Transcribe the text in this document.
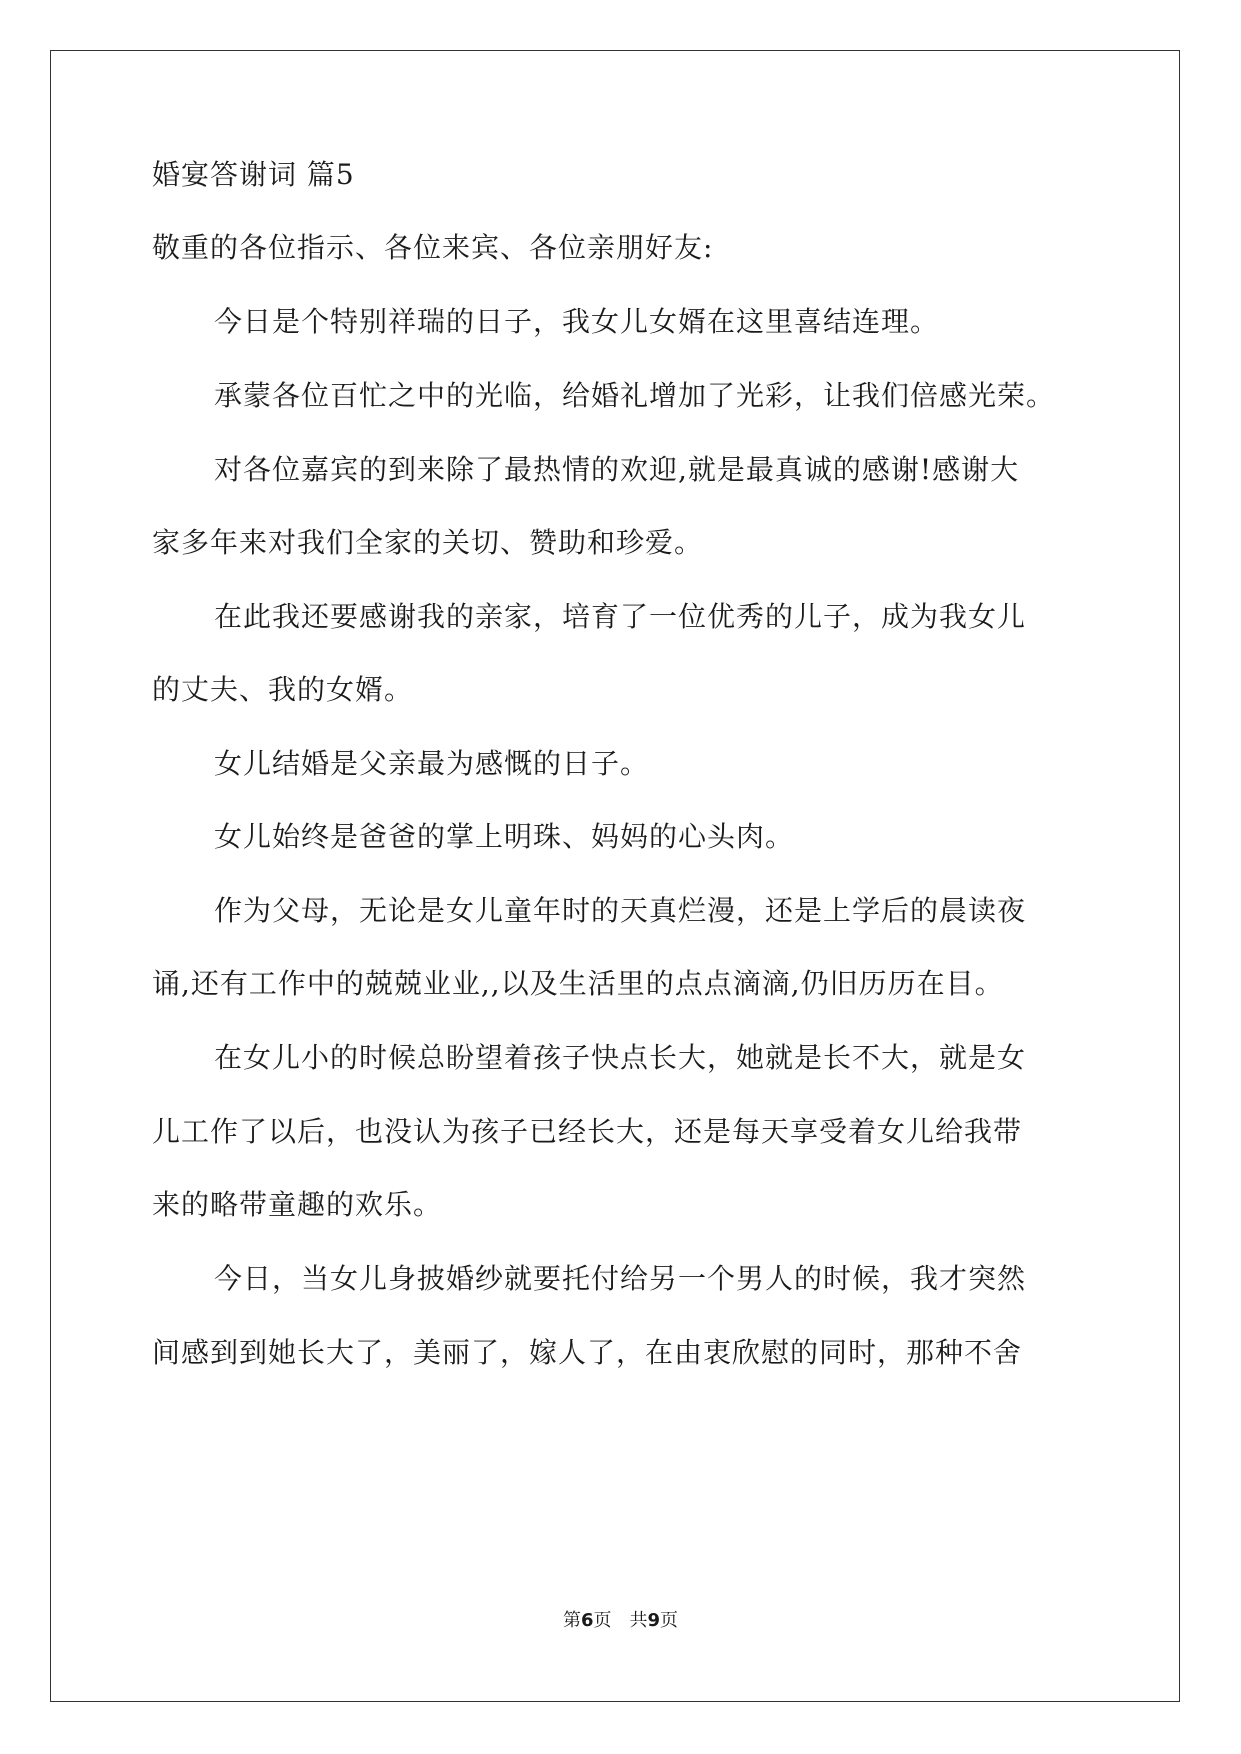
婚宴答谢词 篇5
敬重的各位指示、各位来宾、各位亲朋好友:
今日是个特别祥瑞的日子，我女儿女婿在这里喜结连理。
承蒙各位百忙之中的光临，给婚礼增加了光彩，让我们倍感光荣。
对各位嘉宾的到来除了最热情的欢迎,就是最真诚的感谢!感谢大
家多年来对我们全家的关切、赞助和珍爱。
在此我还要感谢我的亲家，培育了一位优秀的儿子，成为我女儿
的丈夫、我的女婿。
女儿结婚是父亲最为感慨的日子。
女儿始终是爸爸的掌上明珠、妈妈的心头肉。
作为父母，无论是女儿童年时的天真烂漫，还是上学后的晨读夜
诵,还有工作中的兢兢业业,,以及生活里的点点滴滴,仍旧历历在目。
在女儿小的时候总盼望着孩子快点长大，她就是长不大，就是女
儿工作了以后，也没认为孩子已经长大，还是每天享受着女儿给我带
来的略带童趣的欢乐。
今日，当女儿身披婚纱就要托付给另一个男人的时候，我才突然
间感到到她长大了，美丽了，嫁人了，在由衷欣慰的同时，那种不舍
第6页 共9页
